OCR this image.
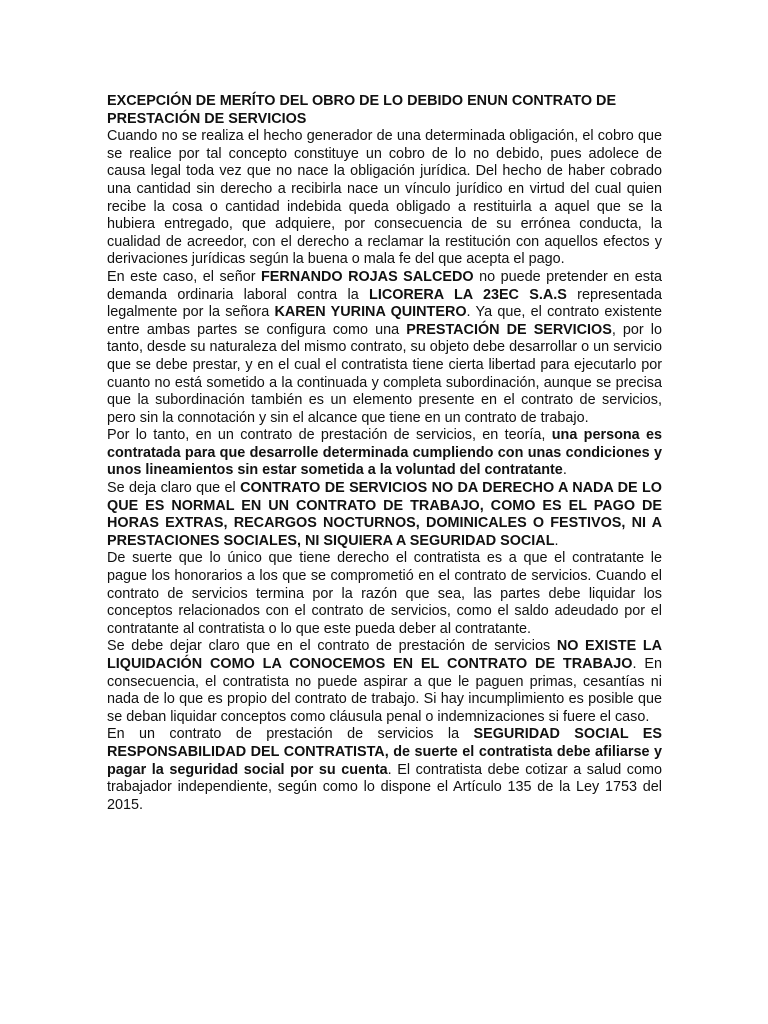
EXCEPCIÓN DE MERÍTO DEL OBRO DE LO DEBIDO ENUN CONTRATO DE PRESTACIÓN DE SERVICIOS

Cuando no se realiza el hecho generador de una determinada obligación, el cobro que se realice por tal concepto constituye un cobro de lo no debido, pues adolece de causa legal toda vez que no nace la obligación jurídica. Del hecho de haber cobrado una cantidad sin derecho a recibirla nace un vínculo jurídico en virtud del cual quien recibe la cosa o cantidad indebida queda obligado a restituirla a aquel que se la hubiera entregado, que adquiere, por consecuencia de su errónea conducta, la cualidad de acreedor, con el derecho a reclamar la restitución con aquellos efectos y derivaciones jurídicas según la buena o mala fe del que acepta el pago.

En este caso, el señor FERNANDO ROJAS SALCEDO no puede pretender en esta demanda ordinaria laboral contra la LICORERA LA 23EC S.A.S representada legalmente por la señora KAREN YURINA QUINTERO. Ya que, el contrato existente entre ambas partes se configura como una PRESTACIÓN DE SERVICIOS, por lo tanto, desde su naturaleza del mismo contrato, su objeto debe desarrollar o un servicio que se debe prestar, y en el cual el contratista tiene cierta libertad para ejecutarlo por cuanto no está sometido a la continuada y completa subordinación, aunque se precisa que la subordinación también es un elemento presente en el contrato de servicios, pero sin la connotación y sin el alcance que tiene en un contrato de trabajo.

Por lo tanto, en un contrato de prestación de servicios, en teoría, una persona es contratada para que desarrolle determinada cumpliendo con unas condiciones y unos lineamientos sin estar sometida a la voluntad del contratante.

Se deja claro que el CONTRATO DE SERVICIOS NO DA DERECHO A NADA DE LO QUE ES NORMAL EN UN CONTRATO DE TRABAJO, COMO ES EL PAGO DE HORAS EXTRAS, RECARGOS NOCTURNOS, DOMINICALES O FESTIVOS, NI A PRESTACIONES SOCIALES, NI SIQUIERA A SEGURIDAD SOCIAL.

De suerte que lo único que tiene derecho el contratista es a que el contratante le pague los honorarios a los que se comprometió en el contrato de servicios. Cuando el contrato de servicios termina por la razón que sea, las partes debe liquidar los conceptos relacionados con el contrato de servicios, como el saldo adeudado por el contratante al contratista o lo que este pueda deber al contratante.

Se debe dejar claro que en el contrato de prestación de servicios NO EXISTE LA LIQUIDACIÓN COMO LA CONOCEMOS EN EL CONTRATO DE TRABAJO. En consecuencia, el contratista no puede aspirar a que le paguen primas, cesantías ni nada de lo que es propio del contrato de trabajo. Si hay incumplimiento es posible que se deban liquidar conceptos como cláusula penal o indemnizaciones si fuere el caso.

En un contrato de prestación de servicios la SEGURIDAD SOCIAL ES RESPONSABILIDAD DEL CONTRATISTA, de suerte el contratista debe afiliarse y pagar la seguridad social por su cuenta. El contratista debe cotizar a salud como trabajador independiente, según como lo dispone el Artículo 135 de la Ley 1753 del 2015.
